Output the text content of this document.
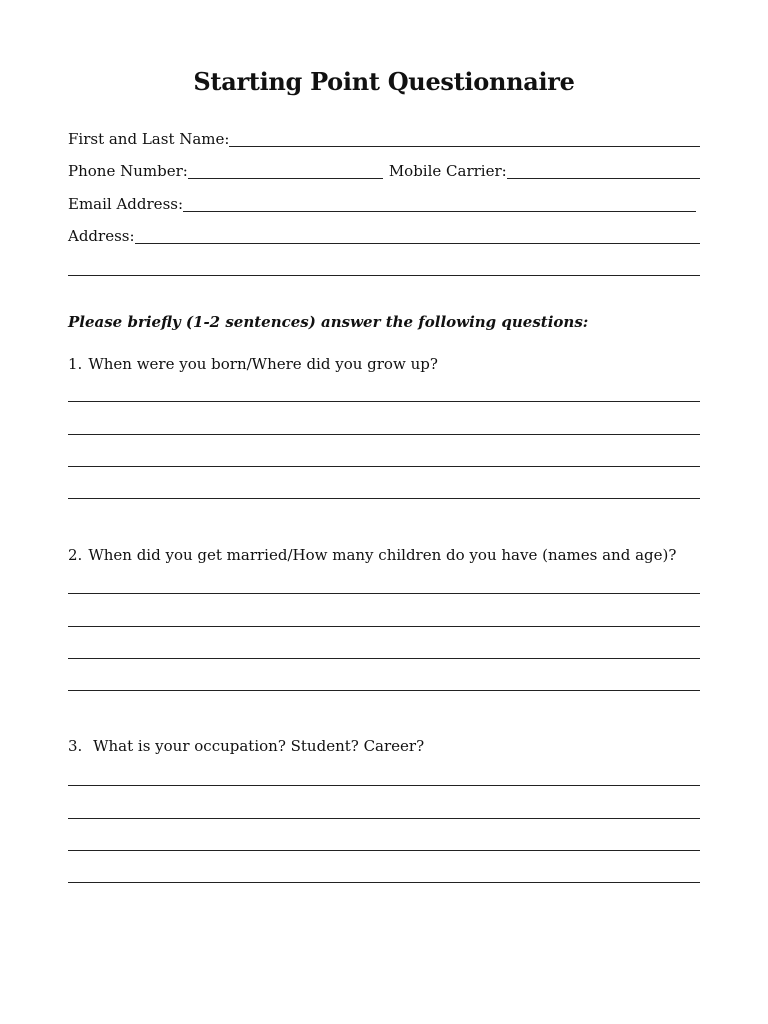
Starting Point Questionnaire
First and Last Name:
Phone Number:	Mobile Carrier:
Email Address:
Address:
Please briefly (1-2 sentences) answer the following questions:
1. When were you born/Where did you grow up?
2. When did you get married/How many children do you have (names and age)?
3. What is your occupation? Student? Career?
